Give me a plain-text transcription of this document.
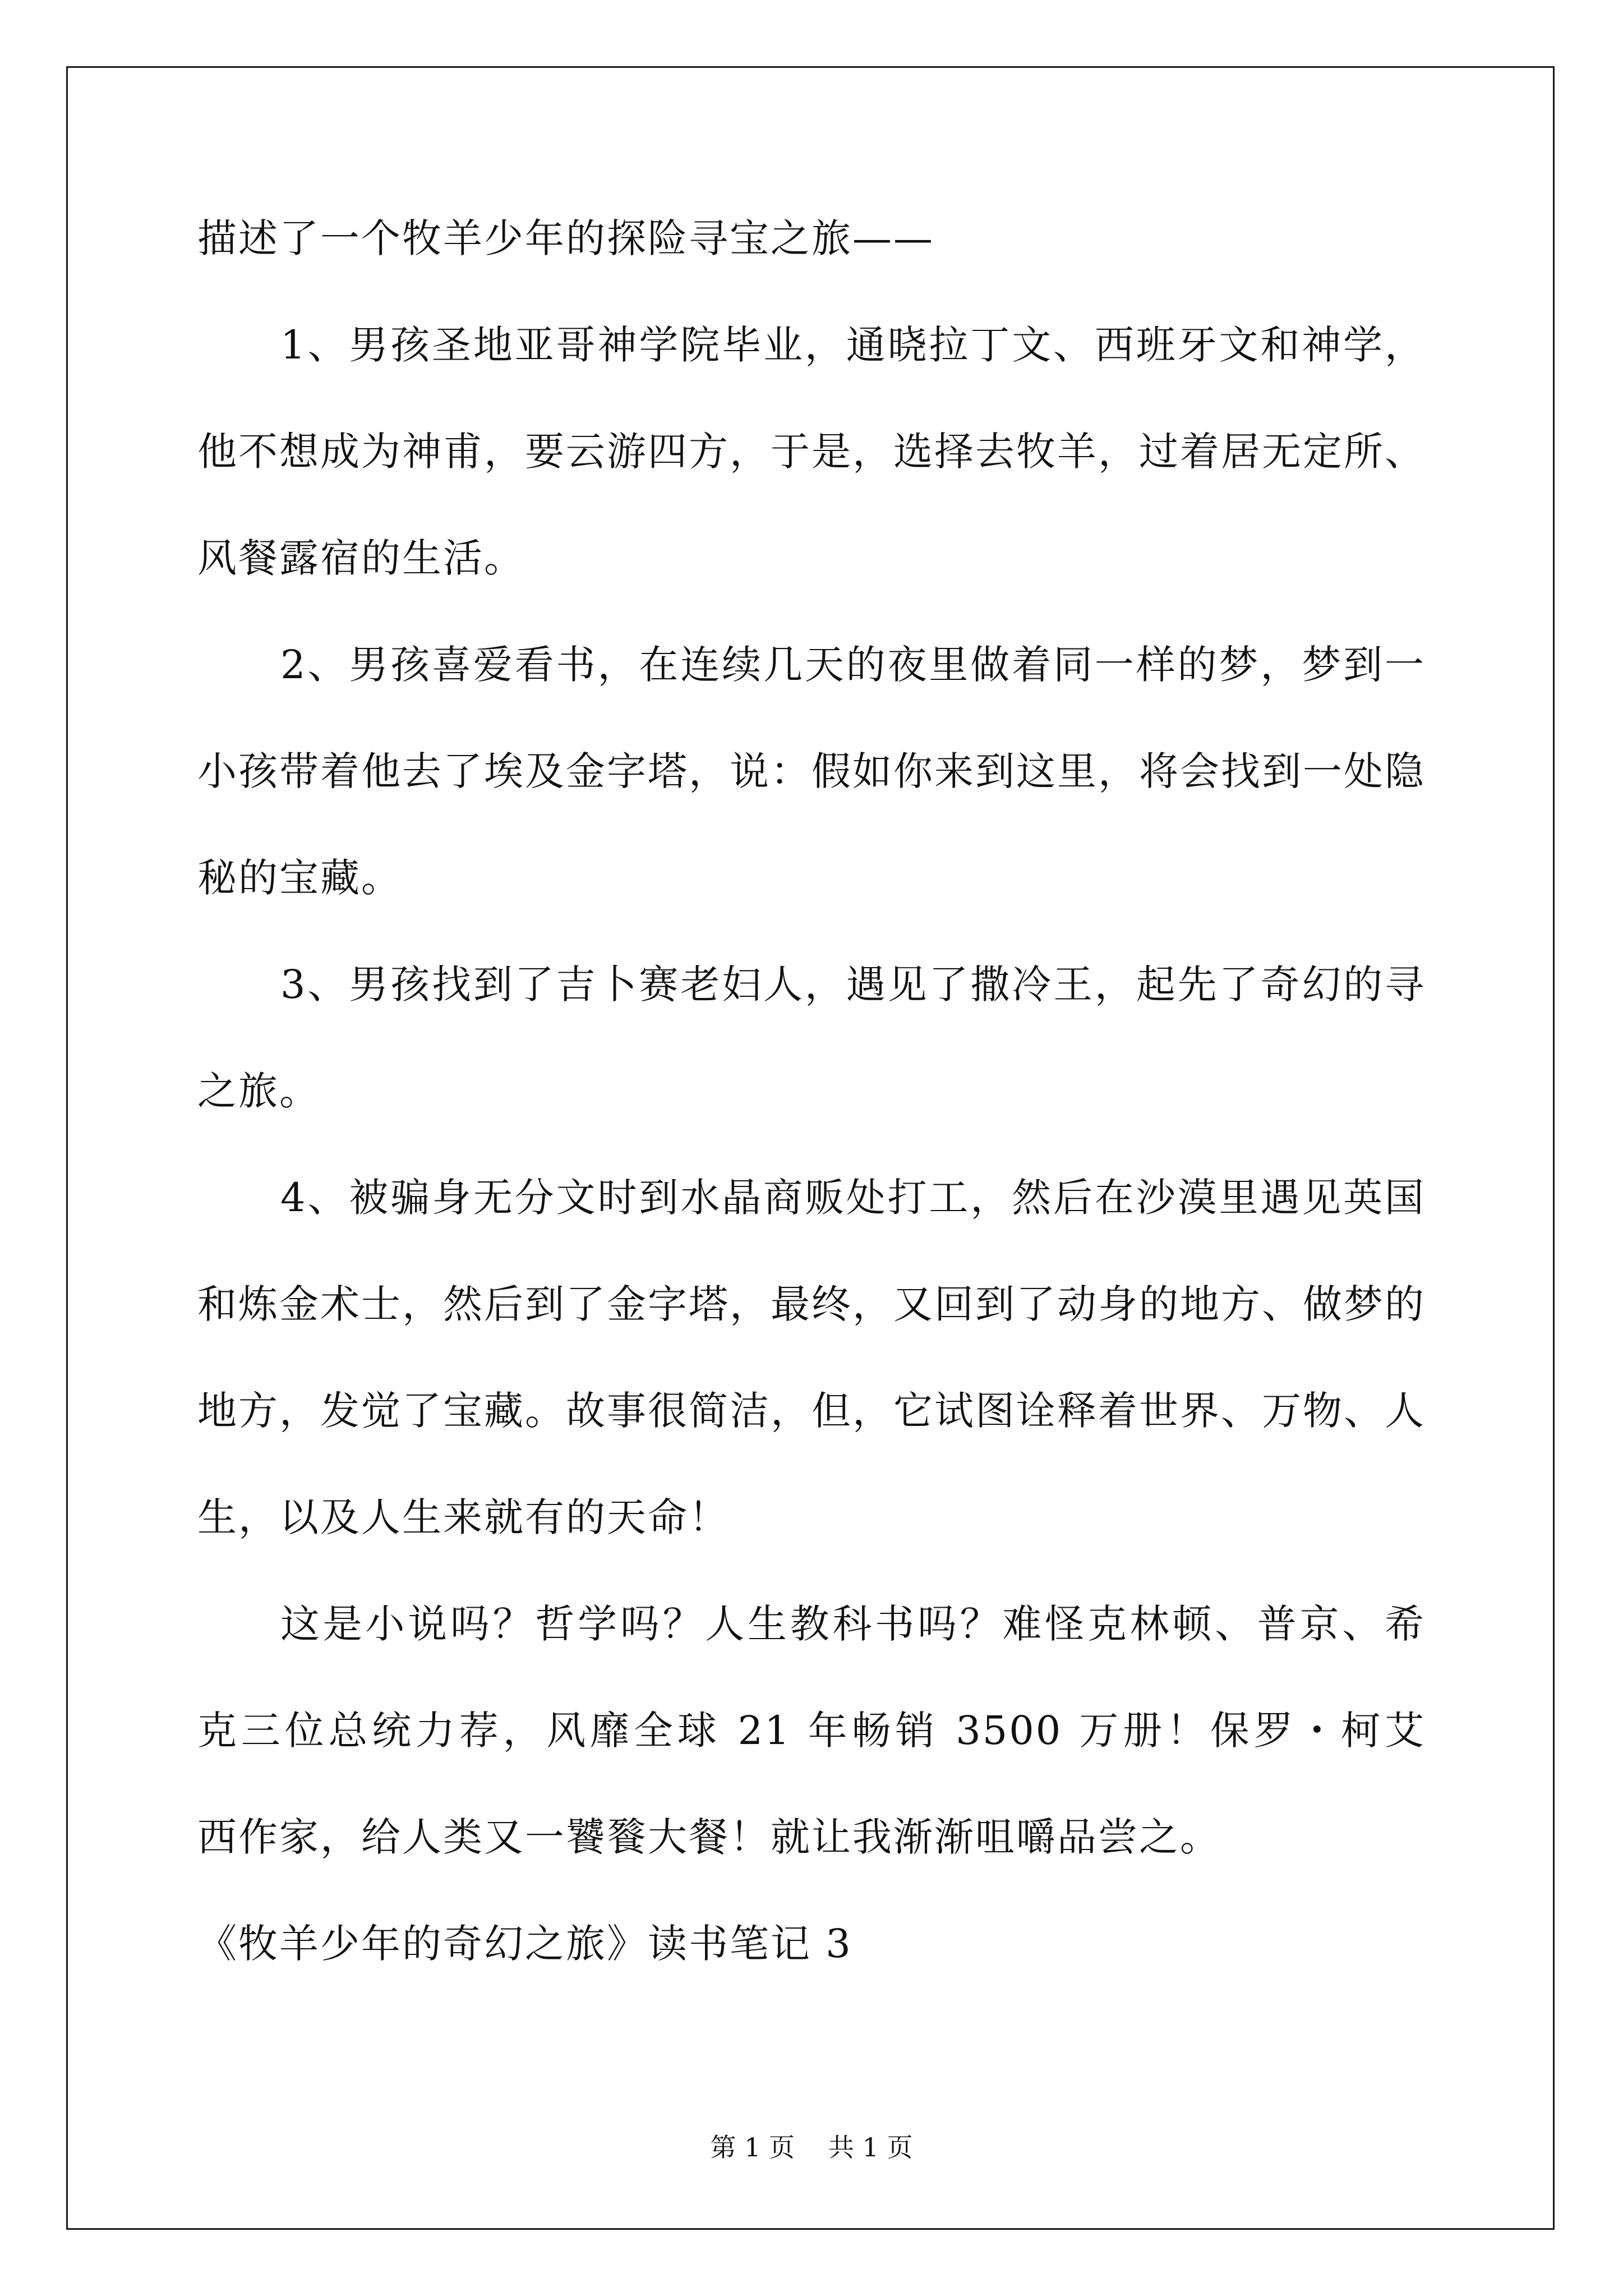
描述了一个牧羊少年的探险寻宝之旅——
1、男孩圣地亚哥神学院毕业，通晓拉丁文、西班牙文和神学，
他不想成为神甫，要云游四方，于是，选择去牧羊，过着居无定所、
风餐露宿的生活。
2、男孩喜爱看书，在连续几天的夜里做着同一样的梦，梦到一
小孩带着他去了埃及金字塔，说：假如你来到这里，将会找到一处隐
秘的宝藏。
3、男孩找到了吉卜赛老妇人，遇见了撒冷王，起先了奇幻的寻
之旅。
4、被骗身无分文时到水晶商贩处打工，然后在沙漠里遇见英国
和炼金术士，然后到了金字塔，最终，又回到了动身的地方、做梦的
地方，发觉了宝藏。故事很简洁，但，它试图诠释着世界、万物、人
生，以及人生来就有的天命！
这是小说吗？哲学吗？人生教科书吗？难怪克林顿、普京、希
克三位总统力荐，风靡全球 21 年畅销 3500 万册！保罗・柯艾
西作家，给人类又一饕餮大餐！就让我渐渐咀嚼品尝之。
《牧羊少年的奇幻之旅》读书笔记 3
第 1 页 共 1 页
